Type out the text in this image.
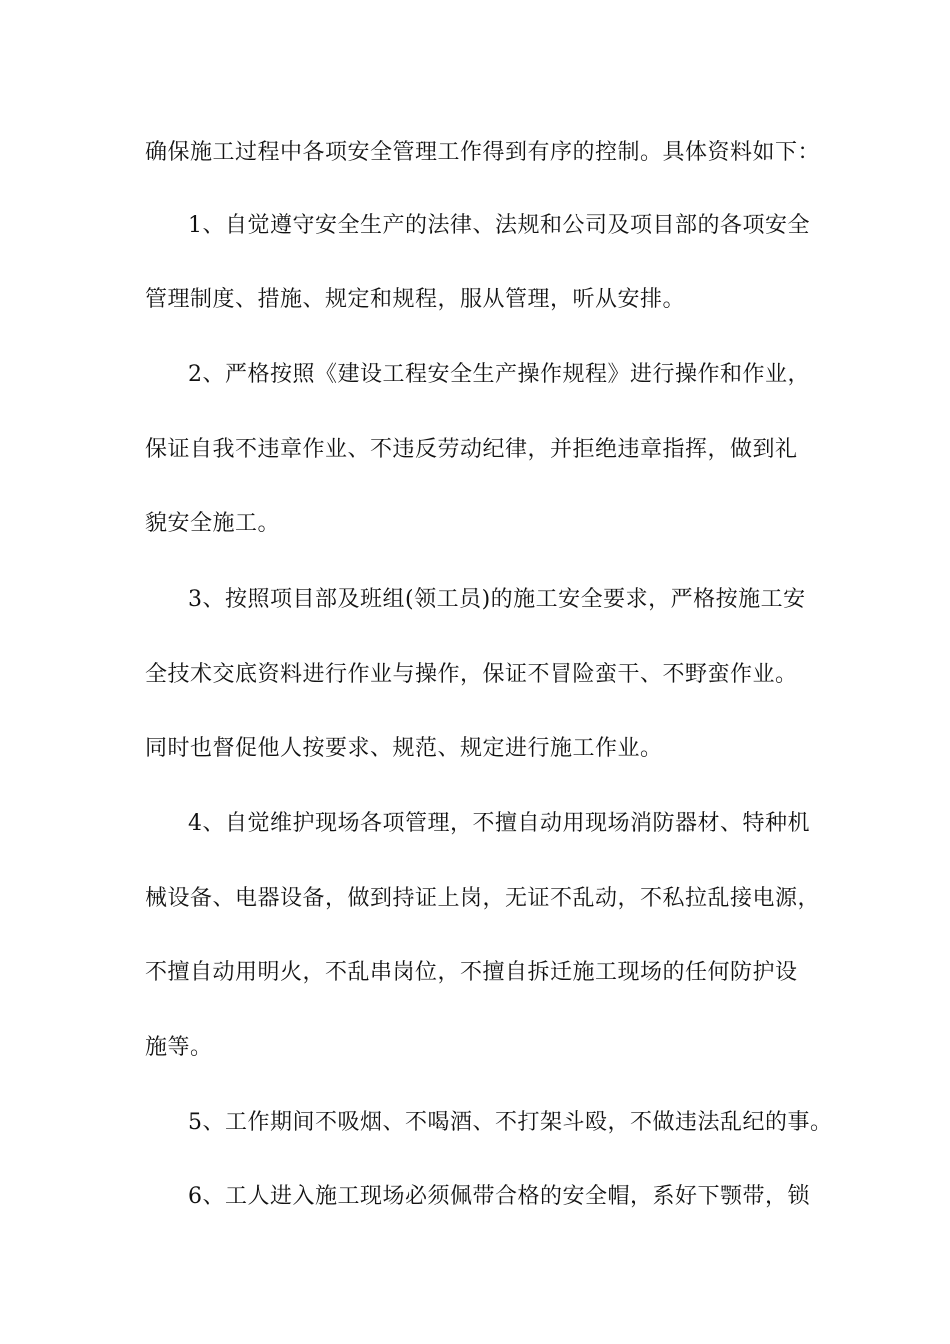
确保施工过程中各项安全管理工作得到有序的控制。具体资料如下：
1、自觉遵守安全生产的法律、法规和公司及项目部的各项安全
管理制度、措施、规定和规程，服从管理，听从安排。
2、严格按照《建设工程安全生产操作规程》进行操作和作业，
保证自我不违章作业、不违反劳动纪律，并拒绝违章指挥，做到礼
貌安全施工。
3、按照项目部及班组(领工员)的施工安全要求，严格按施工安
全技术交底资料进行作业与操作，保证不冒险蛮干、不野蛮作业。
同时也督促他人按要求、规范、规定进行施工作业。
4、自觉维护现场各项管理，不擅自动用现场消防器材、特种机
械设备、电器设备，做到持证上岗，无证不乱动，不私拉乱接电源，
不擅自动用明火，不乱串岗位，不擅自拆迁施工现场的任何防护设
施等。
5、工作期间不吸烟、不喝酒、不打架斗殴，不做违法乱纪的事。
6、工人进入施工现场必须佩带合格的安全帽，系好下颚带，锁
